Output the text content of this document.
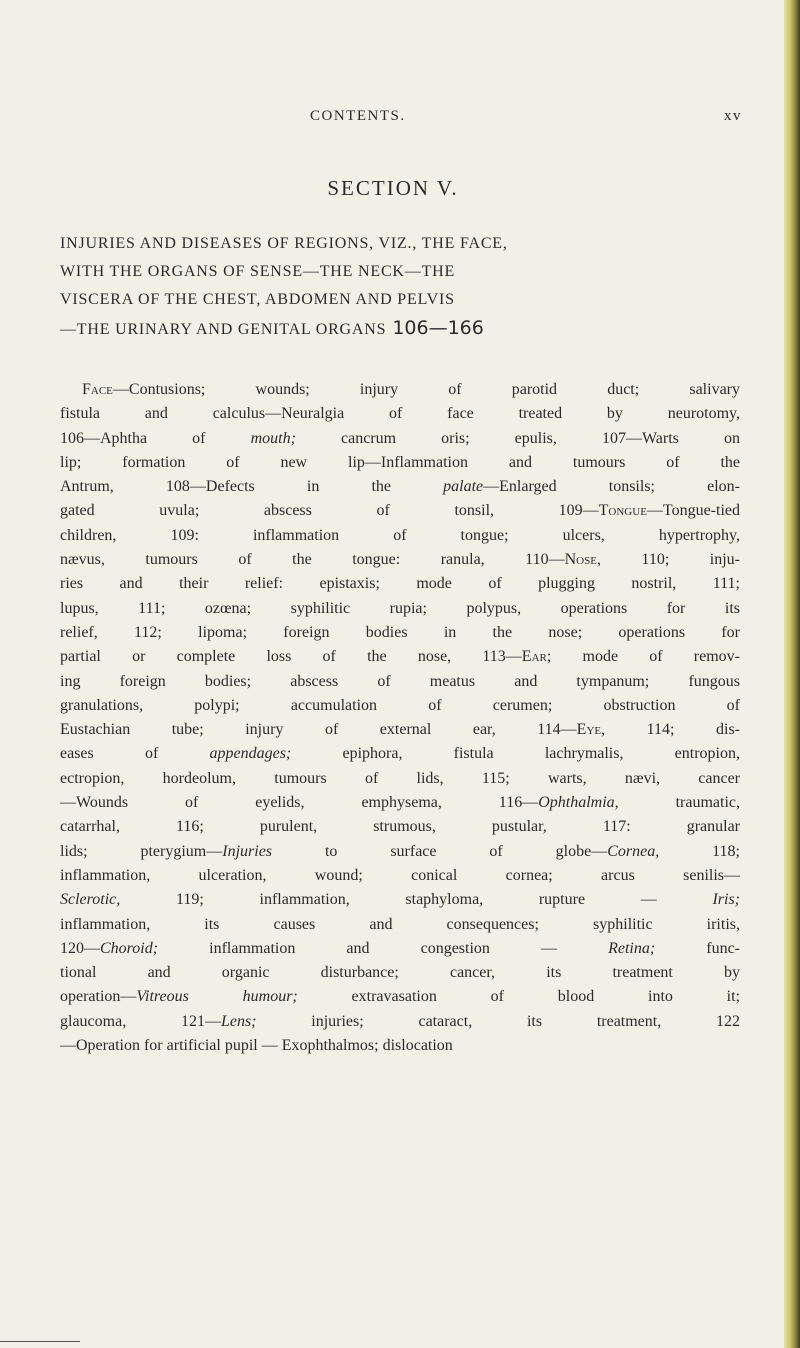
CONTENTS.	xv
SECTION V.
INJURIES AND DISEASES OF REGIONS, VIZ., THE FACE,
WITH THE ORGANS OF SENSE—THE NECK—THE
VISCERA OF THE CHEST, ABDOMEN AND PELVIS
—THE URINARY AND GENITAL ORGANS 106—166
Face—Contusions; wounds; injury of parotid duct; salivary
fistula and calculus—Neuralgia of face treated by neurotomy,
106—Aphtha of mouth; cancrum oris; epulis, 107—Warts on
lip; formation of new lip—Inflammation and tumours of the
Antrum, 108—Defects in the palate—Enlarged tonsils; elon-
gated uvula; abscess of tonsil, 109—Tongue—Tongue-tied
children, 109: inflammation of tongue; ulcers, hypertrophy,
nævus, tumours of the tongue: ranula, 110—Nose, 110; inju-
ries and their relief: epistaxis; mode of plugging nostril, 111;
lupus, 111; ozœna; syphilitic rupia; polypus, operations for its
relief, 112; lipoma; foreign bodies in the nose; operations for
partial or complete loss of the nose, 113—Ear; mode of remov-
ing foreign bodies; abscess of meatus and tympanum; fungous
granulations, polypi; accumulation of cerumen; obstruction of
Eustachian tube; injury of external ear, 114—Eye, 114; dis-
eases of appendages; epiphora, fistula lachrymalis, entropion,
ectropion, hordeolum, tumours of lids, 115; warts, nævi, cancer
—Wounds of eyelids, emphysema, 116—Ophthalmia, traumatic,
catarrhal, 116; purulent, strumous, pustular, 117: granular
lids; pterygium—Injuries to surface of globe—Cornea, 118;
inflammation, ulceration, wound; conical cornea; arcus senilis—
Sclerotic, 119; inflammation, staphyloma, rupture — Iris;
inflammation, its causes and consequences; syphilitic iritis,
120—Choroid; inflammation and congestion — Retina; func-
tional and organic disturbance; cancer, its treatment by
operation—Vitreous humour; extravasation of blood into it;
glaucoma, 121—Lens; injuries; cataract, its treatment, 122
—Operation for artificial pupil — Exophthalmos; dislocation
